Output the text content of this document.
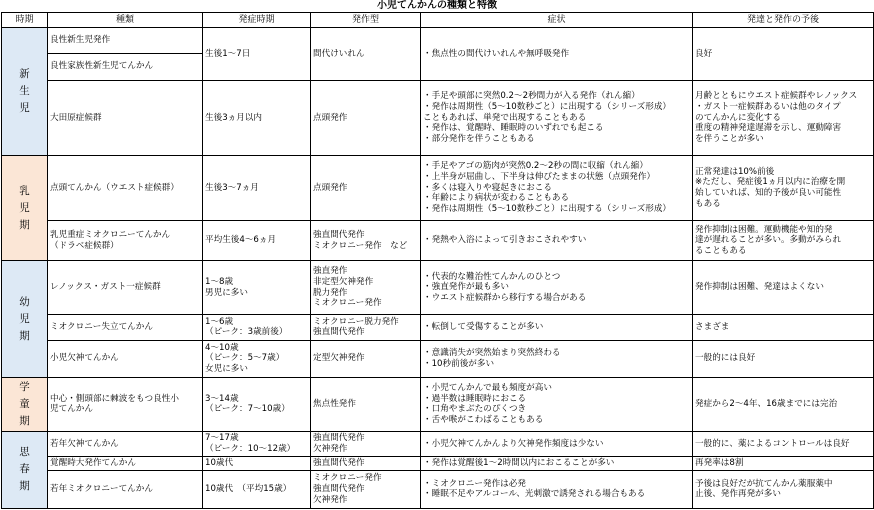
小児てんかんの種類と特徴
時期	種類	発症時期	発作型	症状	発達と発作の予後
新生児	良性新生児発作	生後1〜7日	間代けいれん	・焦点性の間代けいれんや無呼吸発作	良好

	良性家族性新生児てんかん				

	大田原症候群	生後3ヵ月以内	点頭発作	・手足や頭部に突然0.2〜2秒間力が入る発作（れん縮）
・発作は周期性（5〜10数秒ごと）に出現する（シリーズ形成）
こともあれば、単発で出現することもある
・発作は、覚醒時、睡眠時のいずれでも起こる
・部分発作を伴うこともある	月齢とともにウエスト症候群やレノックス
・ガスト一症候群あるいは他のタイプ
のてんかんに変化する
重度の精神発達遅滞を示し、運動障害
を伴うことが多い

乳児期	点頭てんかん（ウエスト症候群）	生後3〜7ヵ月	点頭発作	・手足やアゴの筋肉が突然0.2〜2秒の間に収縮（れん縮）
・上半身が屈曲し、下半身は伸びたままの状態（点頭発作）
・多くは寝入りや寝起きにおこる
・年齢により病状が変わることもある
・発作は周期性（5〜10数秒ごと）に出現する（シリーズ形成）	正常発達は10%前後
※ただし、発症後1ヵ月以内に治療を開
始していれば、知的予後が良い可能性
もある

	乳児重症ミオクロニーてんかん
（ドラベ症候群）	平均生後4〜6ヵ月	強直間代発作
ミオクロニー発作　など	・発熱や入浴によって引きおこされやすい	発作抑制は困難。運動機能や知的発
達が遅れることが多い。多動がみられ
ることもある

幼児期	レノックス・ガスト一症候群	1〜8歳
男児に多い	強直発作
非定型欠神発作
脱力発作
ミオクロニー発作	・代表的な難治性てんかんのひとつ
・強直発作が最も多い
・ウエスト症候群から移行する場合がある	発作抑制は困難、発達はよくない

	ミオクロニー失立てんかん	1〜6歳
（ピーク：3歳前後）	ミオクロニー脱力発作
強直間代発作	・転倒して受傷することが多い	さまざま

	小児欠神てんかん	4〜10歳
（ピーク：5〜7歳）
女児に多い	定型欠神発作	・意識消失が突然始まり突然終わる
・10秒前後が多い	一般的には良好

学童期	中心・側頭部に棘波をもつ良性小
児てんかん	3〜14歳
（ピーク：7〜10歳）	焦点性発作	・小児てんかんで最も頻度が高い
・過半数は睡眠時におこる
・口角やまぶたのぴくつき
・舌や喉がこわばることもある	発症から2〜4年、16歳までには完治

思春期	若年欠神てんかん	7〜17歳
（ピーク：10〜12歳）	強直間代発作
欠神発作	・小児欠神てんかんより欠神発作頻度は少ない	一般的に、薬によるコントロールは良好

	覚醒時大発作てんかん	10歳代	強直間代発作	・発作は覚醒後1〜2時間以内におこることが多い	再発率は8割

	若年ミオクロニーてんかん	10歳代　（平均15歳）	ミオクロニー発作
強直間代発作
欠神発作	・ミオクロニー発作は必発
・睡眠不足やアルコール、光刺激で誘発される場合もある	予後は良好だが抗てんかん薬服薬中
止後、発作再発が多い
